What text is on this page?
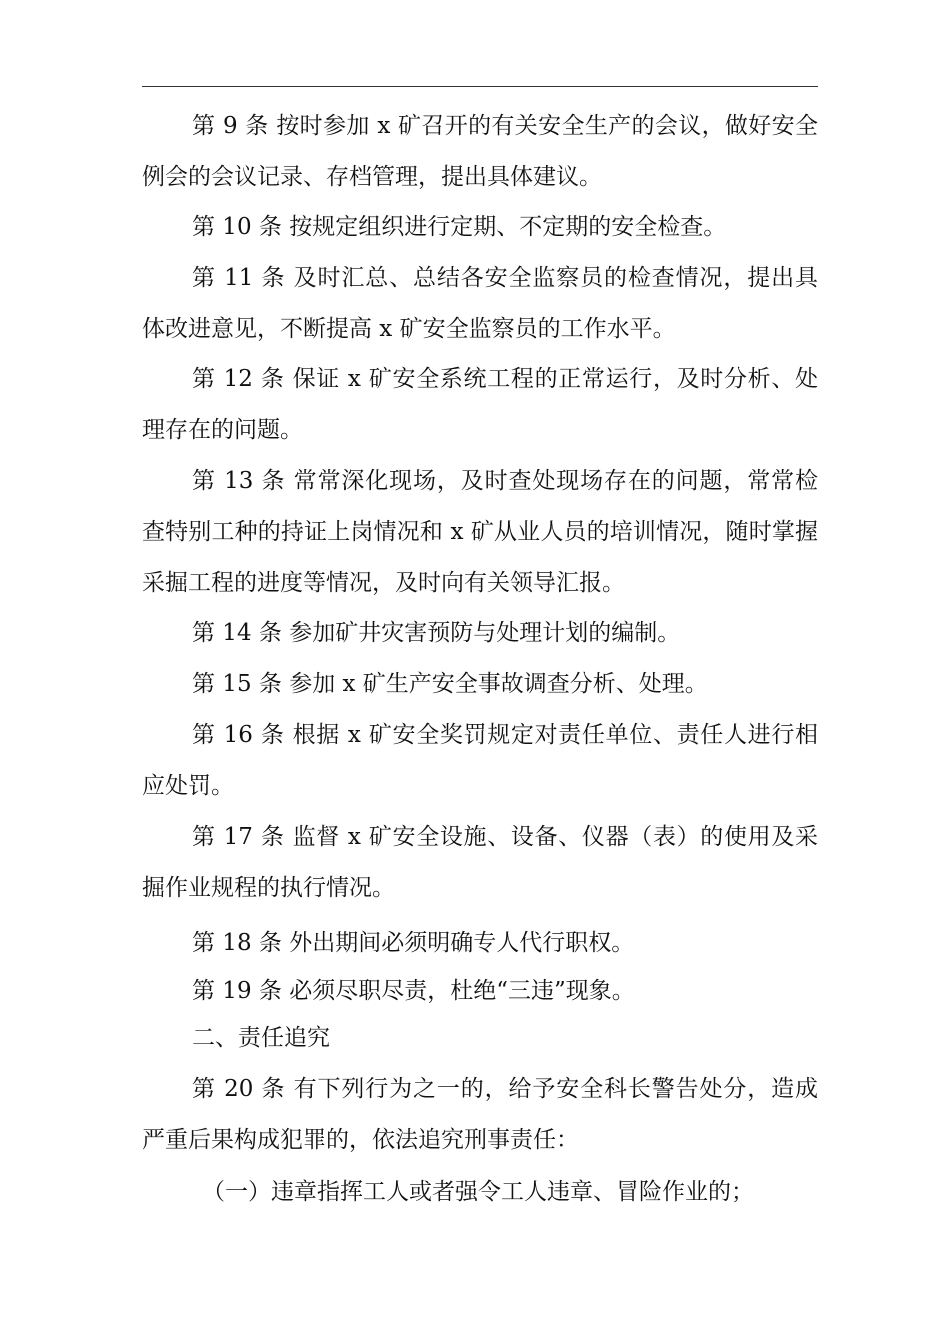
第 9 条 按时参加 x 矿召开的有关安全生产的会议，做好安全例会的会议记录、存档管理，提出具体建议。

第 10 条 按规定组织进行定期、不定期的安全检查。

第 11 条 及时汇总、总结各安全监察员的检查情况，提出具体改进意见，不断提高 x 矿安全监察员的工作水平。

第 12 条 保证 x 矿安全系统工程的正常运行，及时分析、处理存在的问题。

第 13 条 常常深化现场，及时查处现场存在的问题，常常检查特别工种的持证上岗情况和 x 矿从业人员的培训情况，随时掌握采掘工程的进度等情况，及时向有关领导汇报。

第 14 条 参加矿井灾害预防与处理计划的编制。

第 15 条 参加 x 矿生产安全事故调查分析、处理。

第 16 条 根据 x 矿安全奖罚规定对责任单位、责任人进行相应处罚。

第 17 条 监督 x 矿安全设施、设备、仪器（表）的使用及采掘作业规程的执行情况。

第 18 条 外出期间必须明确专人代行职权。

第 19 条 必须尽职尽责，杜绝“三违”现象。

二、责任追究

第 20 条 有下列行为之一的，给予安全科长警告处分，造成严重后果构成犯罪的，依法追究刑事责任：

（一）违章指挥工人或者强令工人违章、冒险作业的；
